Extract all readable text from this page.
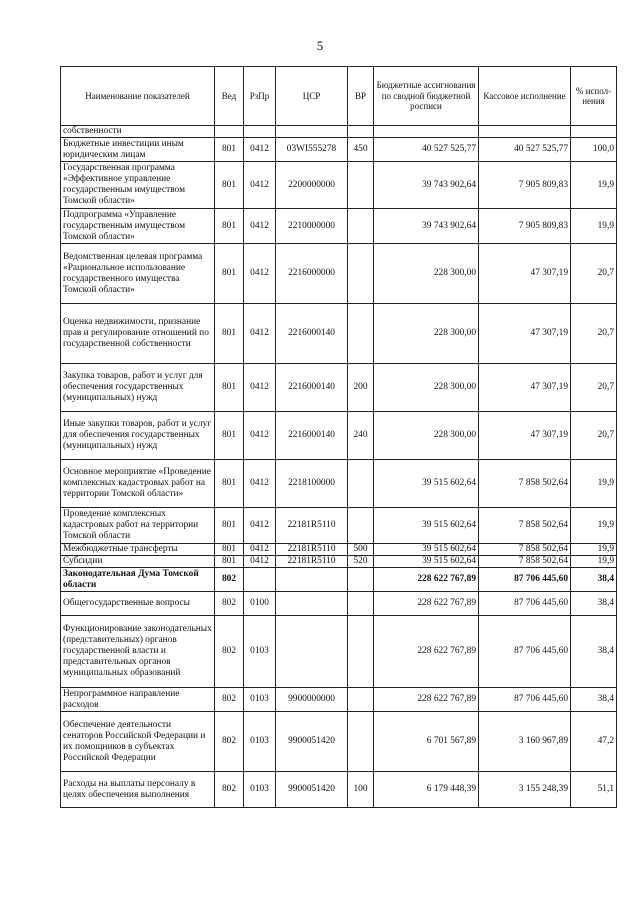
5
Наименование показателей	Вед	РзПр	ЦСР	ВР	Бюджетные ассигнования по сводной бюджетной росписи	Кассовое исполнение	% испол-нения
собственности							
Бюджетные инвестиции иным юридическим лицам	801	0412	03WI555278	450	40 527 525,77	40 527 525,77	100,0
Государственная программа «Эффективное управление государственным имуществом Томской области»	801	0412	2200000000		39 743 902,64	7 905 809,83	19,9
Подпрограмма «Управление государственным имуществом Томской области»	801	0412	2210000000		39 743 902,64	7 905 809,83	19,9
Ведомственная целевая программа «Рациональное использование государственного имущества Томской области»	801	0412	2216000000		228 300,00	47 307,19	20,7
Оценка недвижимости, признание прав и регулирование отношений по государственной собственности	801	0412	2216000140		228 300,00	47 307,19	20,7
Закупка товаров, работ и услуг для обеспечения государственных (муниципальных) нужд	801	0412	2216000140	200	228 300,00	47 307,19	20,7
Иные закупки товаров, работ и услуг для обеспечения государственных (муниципальных) нужд	801	0412	2216000140	240	228 300,00	47 307,19	20,7
Основное мероприятие «Проведение комплексных кадастровых работ на территории Томской области»	801	0412	2218100000		39 515 602,64	7 858 502,64	19,9
Проведение комплексных кадастровых работ на территории Томской области	801	0412	22181R5110		39 515 602,64	7 858 502,64	19,9
Межбюджетные трансферты	801	0412	22181R5110	500	39 515 602,64	7 858 502,64	19,9
Субсидии	801	0412	22181R5110	520	39 515 602,64	7 858 502,64	19,9
Законодательная Дума Томской области	802				228 622 767,89	87 706 445,60	38,4
Общегосударственные вопросы	802	0100			228 622 767,89	87 706 445,60	38,4
Функционирование законодательных (представительных) органов государственной власти и представительных органов муниципальных образований	802	0103			228 622 767,89	87 706 445,60	38,4
Непрограммное направление расходов	802	0103	9900000000		228 622 767,89	87 706 445,60	38,4
Обеспечение деятельности сенаторов Российской Федерации и их помощников в субъектах Российской Федерации	802	0103	9900051420		6 701 567,89	3 160 967,89	47,2
Расходы на выплаты персоналу в целях обеспечения выполнения	802	0103	9900051420	100	6 179 448,39	3 155 248,39	51,1
